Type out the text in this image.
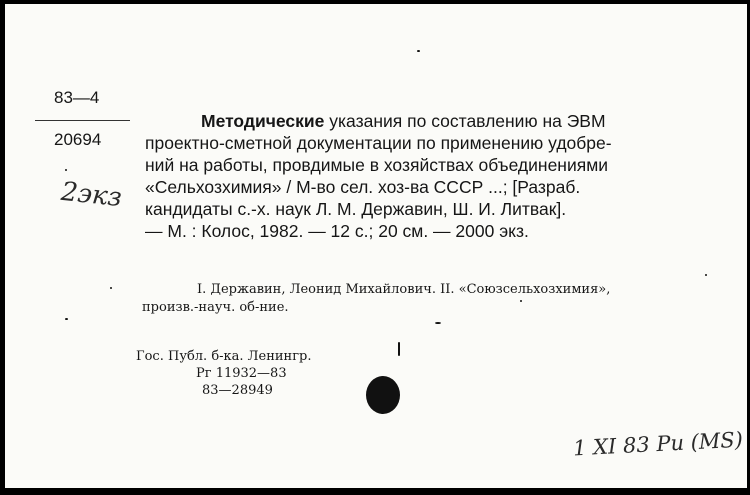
83—4
20694
2экз
Методические указания по составлению на ЭВМ
проектно-сметной документации по применению удобре-
ний на работы, провдимые в хозяйствах объединениями
«Сельхозхимия» / М-во сел. хоз-ва СССР ...; [Разраб.
кандидаты с.-х. наук Л. М. Державин, Ш. И. Литвак].
— М. : Колос, 1982. — 12 с.; 20 см. — 2000 экз.
I. Державин, Леонид Михайлович. II. «Союзсельхозхимия»,
произв.-науч. об-ние.
Гос. Публ. б-ка. Ленингр.
Рг 11932—83
83—28949
1 XI 83 Pu (MS)
